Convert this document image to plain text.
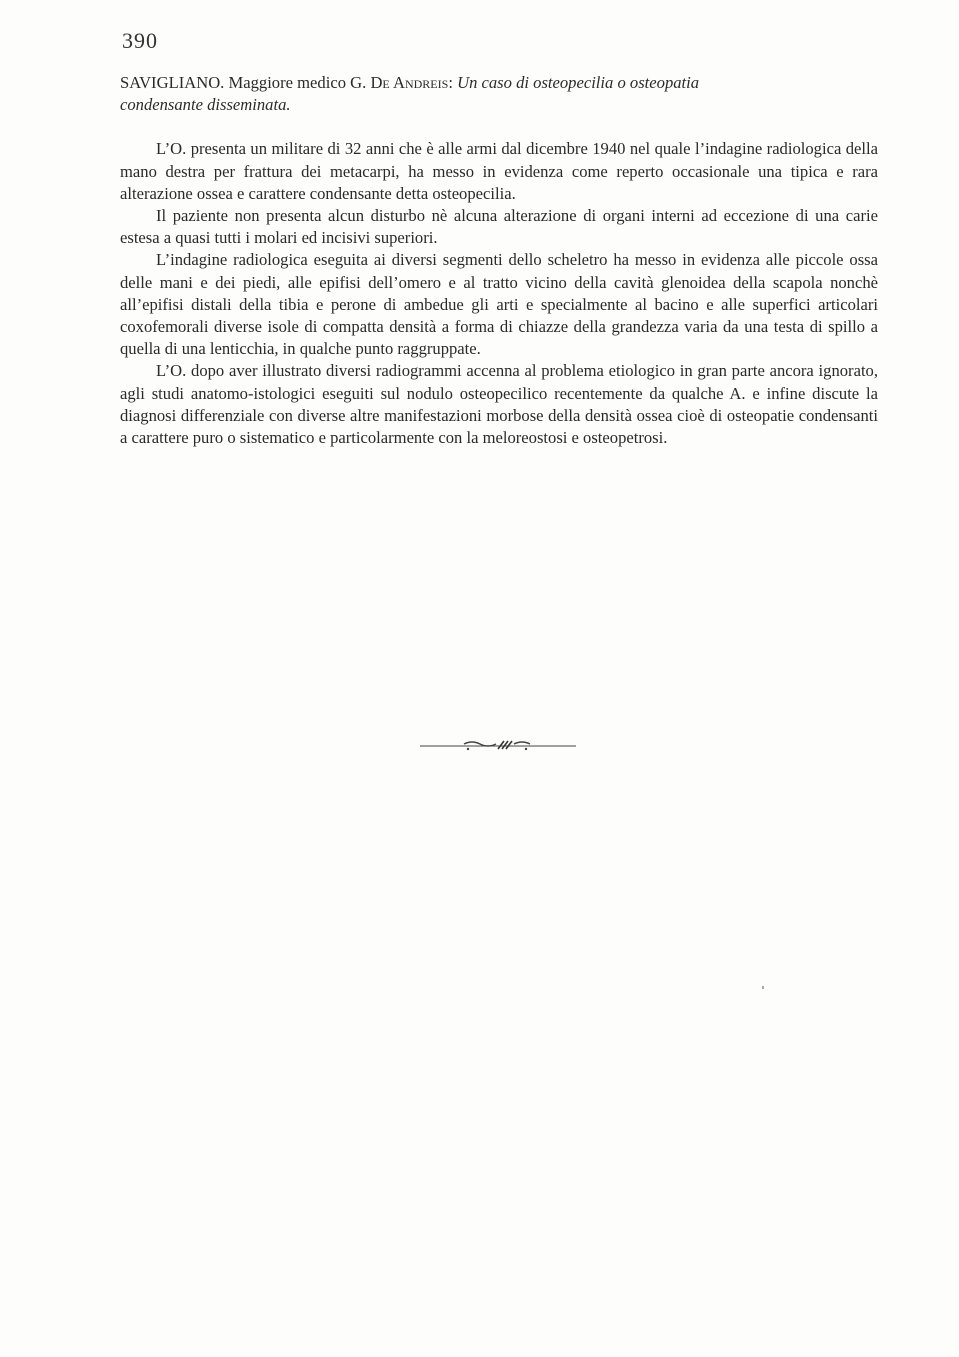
390

SAVIGLIANO. Maggiore medico G. De Andreis: Un caso di osteopecilia o osteopatia

condensante disseminata.

L’O. presenta un militare di 32 anni che è alle armi dal dicembre 1940 nel quale l’indagine radiologica della mano destra per frattura dei metacarpi, ha messo in evidenza come reperto occasionale una tipica e rara alterazione ossea e carattere condensante detta osteopecilia.

Il paziente non presenta alcun disturbo nè alcuna alterazione di organi interni ad eccezione di una carie estesa a quasi tutti i molari ed incisivi superiori.

L’indagine radiologica eseguita ai diversi segmenti dello scheletro ha messo in evidenza alle piccole ossa delle mani e dei piedi, alle epifisi dell’omero e al tratto vicino della cavità glenoidea della scapola nonchè all’epifisi distali della tibia e perone di ambedue gli arti e specialmente al bacino e alle superfici articolari coxofemorali diverse isole di compatta densità a forma di chiazze della grandezza varia da una testa di spillo a quella di una lenticchia, in qualche punto raggruppate.

L’O. dopo aver illustrato diversi radiogrammi accenna al problema etiologico in gran parte ancora ignorato, agli studi anatomo-istologici eseguiti sul nodulo osteopecilico recentemente da qualche A. e infine discute la diagnosi differenziale con diverse altre manifestazioni morbose della densità ossea cioè di osteopatie condensanti a carattere puro o sistematico e particolarmente con la meloreostosi e osteopetrosi.
